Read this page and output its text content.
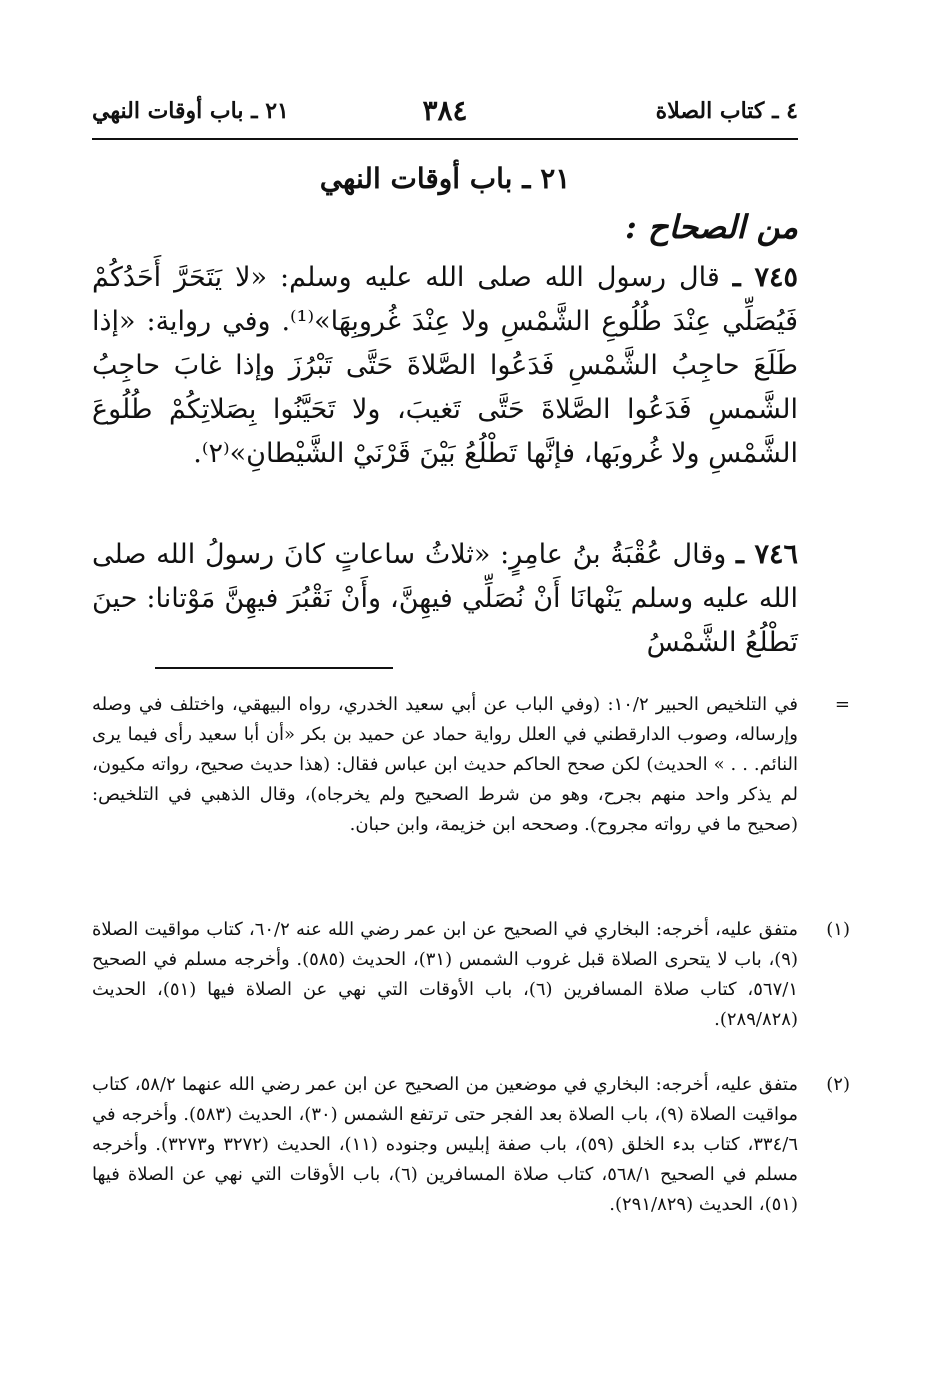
٤ ـ كتاب الصلاة
٣٨٤
٢١ ـ باب أوقات النهي
٢١ ـ باب أوقات النهي
من الصحاح :
٧٤٥ ـ قال رسول الله صلى الله عليه وسلم: «لا يَتَحَرَّ أَحَدُكُمْ فَيُصَلِّي عِنْدَ طُلُوعِ الشَّمْسِ ولا عِنْدَ غُروبِهَا»⁽¹⁾. وفي رواية: «إذا طَلَعَ حاجِبُ الشَّمْسِ فَدَعُوا الصَّلاةَ حَتَّى تَبْرُزَ وإذا غابَ حاجِبُ الشَّمسِ فَدَعُوا الصَّلاةَ حَتَّى تَغيبَ، ولا تَحَيَّنُوا بِصَلاتِكُمْ طُلُوعَ الشَّمْسِ ولا غُروبَها، فإنَّها تَطْلُعُ بَيْنَ قَرْنَيْ الشَّيْطانِ»⁽٢⁾.
٧٤٦ ـ وقال عُقْبَةُ بنُ عامِرٍ: «ثلاثُ ساعاتٍ كانَ رسولُ الله صلى الله عليه وسلم يَنْهانَا أَنْ نُصَلِّي فيهِنَّ، وأَنْ نَقْبُرَ فيهِنَّ مَوْتانا: حينَ تَطْلُعُ الشَّمْسُ
=

في التلخيص الحبير ١٠/٢: (وفي الباب عن أبي سعيد الخدري، رواه البيهقي، واختلف في وصله وإرساله، وصوب الدارقطني في العلل رواية حماد عن حميد بن بكر «أن أبا سعيد رأى فيما يرى النائم. . . » الحديث) لكن صحح الحاكم حديث ابن عباس فقال: (هذا حديث صحيح، رواته مكيون، لم يذكر واحد منهم بجرح، وهو من شرط الصحيح ولم يخرجاه)، وقال الذهبي في التلخيص: (صحيح ما في رواته مجروح). وصححه ابن خزيمة، وابن حبان.

(١)

متفق عليه، أخرجه: البخاري في الصحيح عن ابن عمر رضي الله عنه ٦٠/٢، كتاب مواقيت الصلاة (٩)، باب لا يتحرى الصلاة قبل غروب الشمس (٣١)، الحديث (٥٨٥). وأخرجه مسلم في الصحيح ٥٦٧/١، كتاب صلاة المسافرين (٦)، باب الأوقات التي نهي عن الصلاة فيها (٥١)، الحديث (٢٨٩/٨٢٨).

(٢)

متفق عليه، أخرجه: البخاري في موضعين من الصحيح عن ابن عمر رضي الله عنهما ٥٨/٢، كتاب مواقيت الصلاة (٩)، باب الصلاة بعد الفجر حتى ترتفع الشمس (٣٠)، الحديث (٥٨٣). وأخرجه في ٣٣٤/٦، كتاب بدء الخلق (٥٩)، باب صفة إبليس وجنوده (١١)، الحديث (٣٢٧٢ و٣٢٧٣). وأخرجه مسلم في الصحيح ٥٦٨/١، كتاب صلاة المسافرين (٦)، باب الأوقات التي نهي عن الصلاة فيها (٥١)، الحديث (٢٩١/٨٢٩).
